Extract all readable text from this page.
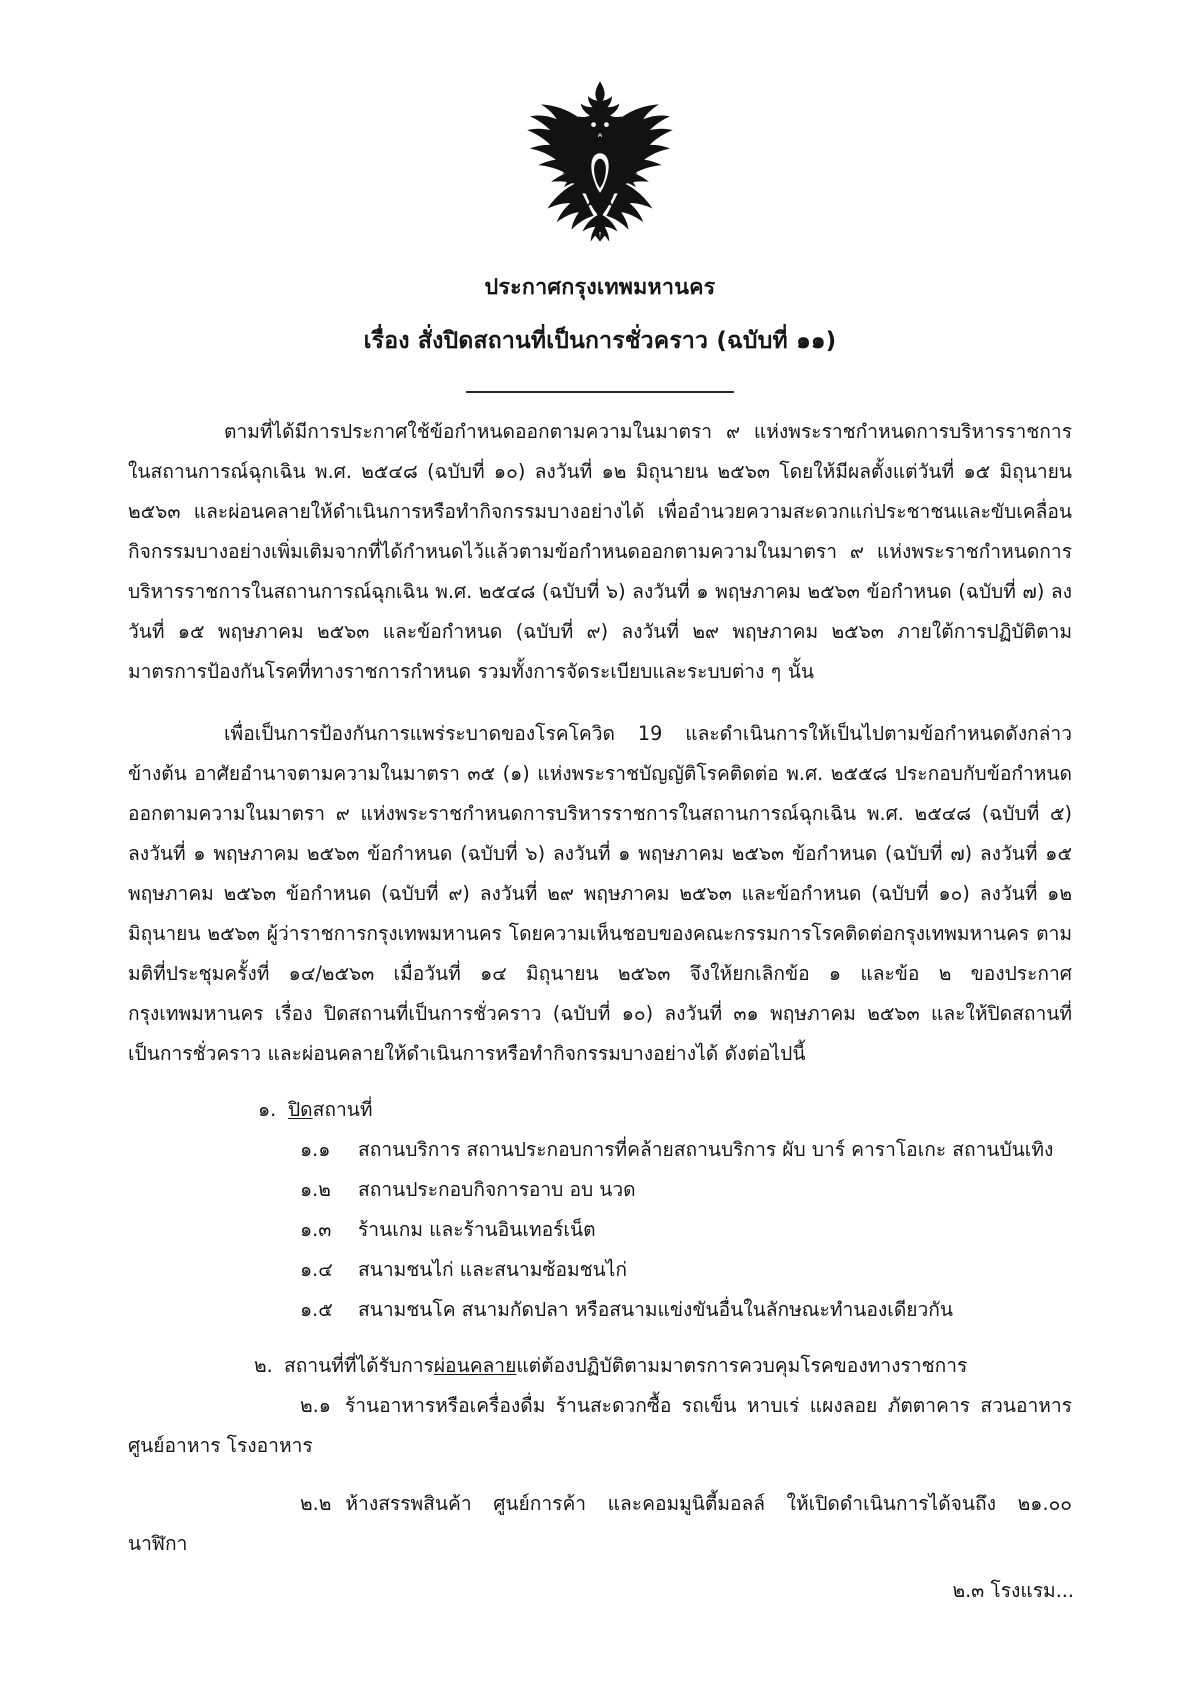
ประกาศกรุงเทพมหานคร
เรื่อง สั่งปิดสถานที่เป็นการชั่วคราว (ฉบับที่ ๑๑)

ตามที่ได้มีการประกาศใช้ข้อกำหนดออกตามความในมาตรา ๙ แห่งพระราชกำหนดการบริหารราชการในสถานการณ์ฉุกเฉิน พ.ศ. ๒๕๔๘ (ฉบับที่ ๑๐) ลงวันที่ ๑๒ มิถุนายน ๒๕๖๓ โดยให้มีผลตั้งแต่วันที่ ๑๕ มิถุนายน ๒๕๖๓ และผ่อนคลายให้ดำเนินการหรือทำกิจกรรมบางอย่างได้ เพื่ออำนวยความสะดวกแก่ประชาชนและขับเคลื่อนกิจกรรมบางอย่างเพิ่มเติมจากที่ได้กำหนดไว้แล้วตามข้อกำหนดออกตามความในมาตรา ๙ แห่งพระราชกำหนดการบริหารราชการในสถานการณ์ฉุกเฉิน พ.ศ. ๒๕๔๘ (ฉบับที่ ๖) ลงวันที่ ๑ พฤษภาคม ๒๕๖๓ ข้อกำหนด (ฉบับที่ ๗) ลงวันที่ ๑๕ พฤษภาคม ๒๕๖๓ และข้อกำหนด (ฉบับที่ ๙) ลงวันที่ ๒๙ พฤษภาคม ๒๕๖๓ ภายใต้การปฏิบัติตามมาตรการป้องกันโรคที่ทางราชการกำหนด รวมทั้งการจัดระเบียบและระบบต่าง ๆ นั้น

เพื่อเป็นการป้องกันการแพร่ระบาดของโรคโควิด 19 และดำเนินการให้เป็นไปตามข้อกำหนดดังกล่าวข้างต้น อาศัยอำนาจตามความในมาตรา ๓๕ (๑) แห่งพระราชบัญญัติโรคติดต่อ พ.ศ. ๒๕๕๘ ประกอบกับข้อกำหนดออกตามความในมาตรา ๙ แห่งพระราชกำหนดการบริหารราชการในสถานการณ์ฉุกเฉิน พ.ศ. ๒๕๔๘ (ฉบับที่ ๕) ลงวันที่ ๑ พฤษภาคม ๒๕๖๓ ข้อกำหนด (ฉบับที่ ๖) ลงวันที่ ๑ พฤษภาคม ๒๕๖๓ ข้อกำหนด (ฉบับที่ ๗) ลงวันที่ ๑๕ พฤษภาคม ๒๕๖๓ ข้อกำหนด (ฉบับที่ ๙) ลงวันที่ ๒๙ พฤษภาคม ๒๕๖๓ และข้อกำหนด (ฉบับที่ ๑๐) ลงวันที่ ๑๒ มิถุนายน ๒๕๖๓ ผู้ว่าราชการกรุงเทพมหานคร โดยความเห็นชอบของคณะกรรมการโรคติดต่อกรุงเทพมหานคร ตามมติที่ประชุมครั้งที่ ๑๔/๒๕๖๓ เมื่อวันที่ ๑๔ มิถุนายน ๒๕๖๓ จึงให้ยกเลิกข้อ ๑ และข้อ ๒ ของประกาศกรุงเทพมหานคร เรื่อง ปิดสถานที่เป็นการชั่วคราว (ฉบับที่ ๑๐) ลงวันที่ ๓๑ พฤษภาคม ๒๕๖๓ และให้ปิดสถานที่เป็นการชั่วคราว และผ่อนคลายให้ดำเนินการหรือทำกิจกรรมบางอย่างได้ ดังต่อไปนี้

๑. ปิดสถานที่
๑.๑	สถานบริการ สถานประกอบการที่คล้ายสถานบริการ ผับ บาร์ คาราโอเกะ สถานบันเทิง
๑.๒	สถานประกอบกิจการอาบ อบ นวด
๑.๓	ร้านเกม และร้านอินเทอร์เน็ต
๑.๔	สนามชนไก่ และสนามซ้อมชนไก่
๑.๕	สนามชนโค สนามกัดปลา หรือสนามแข่งขันอื่นในลักษณะทำนองเดียวกัน
๒. สถานที่ที่ได้รับการผ่อนคลายแต่ต้องปฏิบัติตามมาตรการควบคุมโรคของทางราชการ
๒.๑ ร้านอาหารหรือเครื่องดื่ม ร้านสะดวกซื้อ รถเข็น หาบเร่ แผงลอย ภัตตาคาร สวนอาหาร ศูนย์อาหาร โรงอาหาร
๒.๒ ห้างสรรพสินค้า ศูนย์การค้า และคอมมูนิตี้มอลล์ ให้เปิดดำเนินการได้จนถึง ๒๑.๐๐ นาฬิกา
๒.๓ โรงแรม...
